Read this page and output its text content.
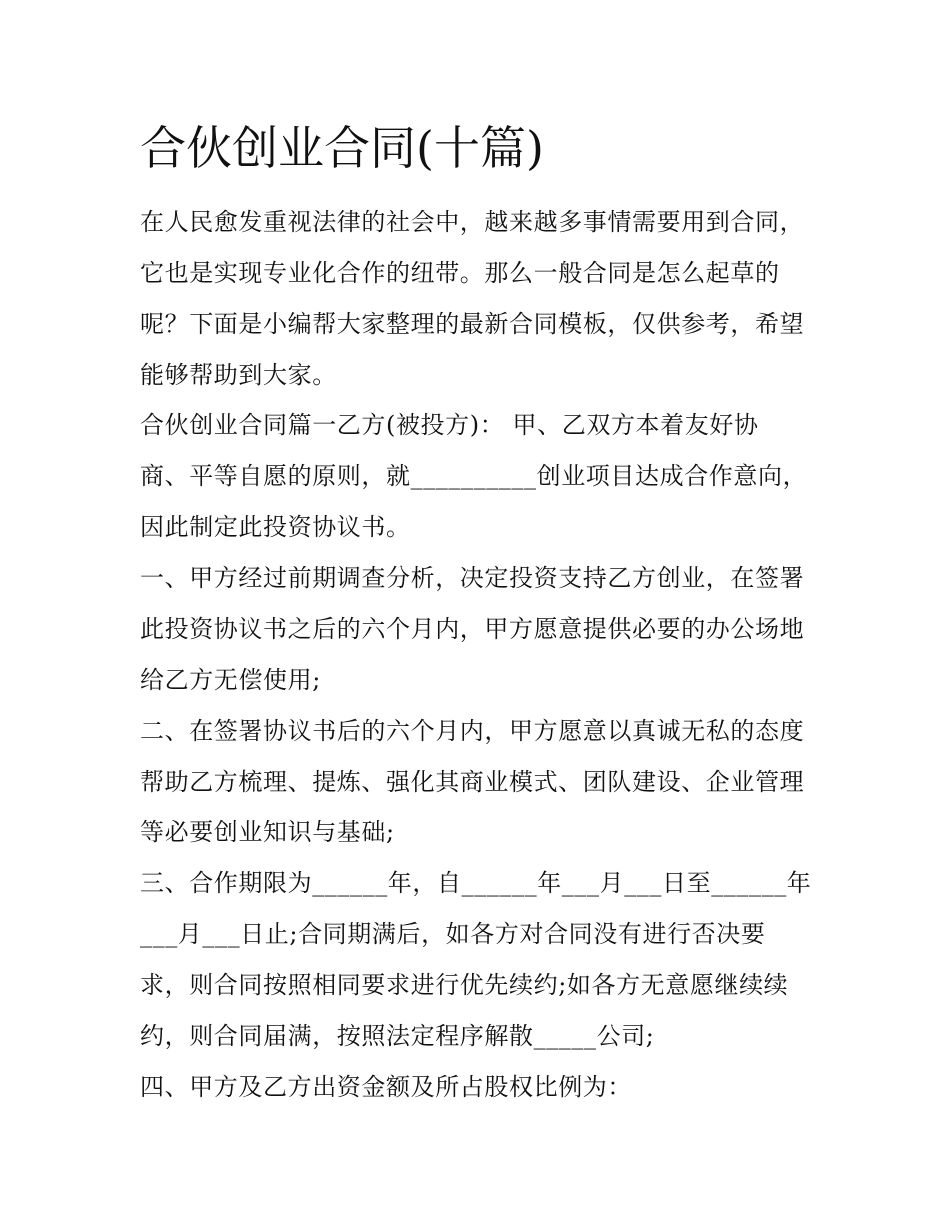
合伙创业合同(十篇)
在人民愈发重视法律的社会中，越来越多事情需要用到合同，
它也是实现专业化合作的纽带。那么一般合同是怎么起草的
呢？下面是小编帮大家整理的最新合同模板，仅供参考，希望
能够帮助到大家。
合伙创业合同篇一乙方(被投方)： 甲、乙双方本着友好协
商、平等自愿的原则，就__________创业项目达成合作意向，
因此制定此投资协议书。
一、甲方经过前期调查分析，决定投资支持乙方创业，在签署
此投资协议书之后的六个月内，甲方愿意提供必要的办公场地
给乙方无偿使用;
二、在签署协议书后的六个月内，甲方愿意以真诚无私的态度
帮助乙方梳理、提炼、强化其商业模式、团队建设、企业管理
等必要创业知识与基础;
三、合作期限为______年，自______年___月___日至______年
___月___日止;合同期满后，如各方对合同没有进行否决要
求，则合同按照相同要求进行优先续约;如各方无意愿继续续
约，则合同届满，按照法定程序解散_____公司;
四、甲方及乙方出资金额及所占股权比例为：
